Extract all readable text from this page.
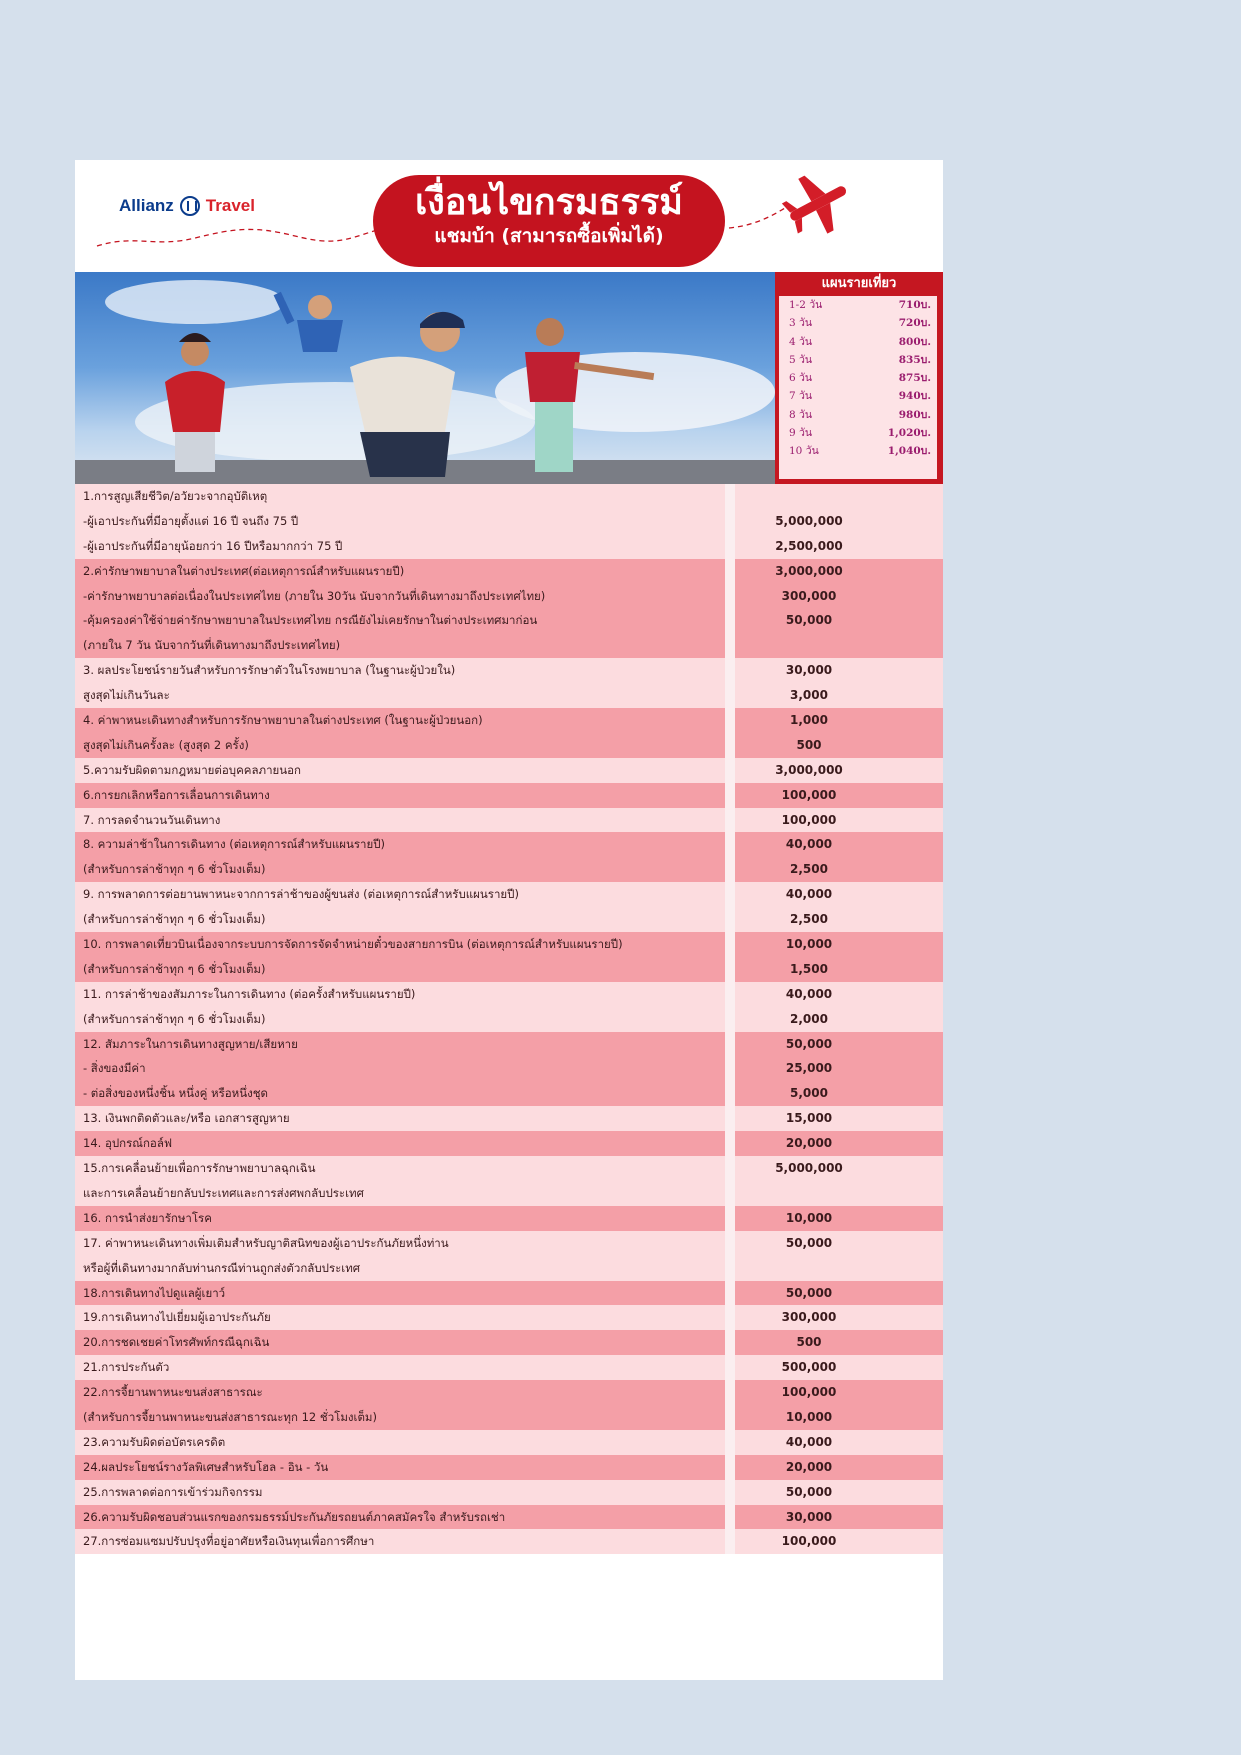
Allianz Travel	เงื่อนไขกรมธรรม์
แชมบ้า (สามารถซื้อเพิ่มได้)
แผนรายเที่ยว
1-2 วัน	710บ.
3 วัน	720บ.
4 วัน	800บ.
5 วัน	835บ.
6 วัน	875บ.
7 วัน	940บ.
8 วัน	980บ.
9 วัน	1,020บ.
10 วัน	1,040บ.
1.การสูญเสียชีวิต/อวัยวะจากอุบัติเหตุ
-ผู้เอาประกันที่มีอายุตั้งแต่ 16 ปี จนถึง 75 ปี	5,000,000
-ผู้เอาประกันที่มีอายุน้อยกว่า 16 ปีหรือมากกว่า 75 ปี	2,500,000
2.ค่ารักษาพยาบาลในต่างประเทศ(ต่อเหตุการณ์สำหรับแผนรายปี)	3,000,000
-ค่ารักษาพยาบาลต่อเนื่องในประเทศไทย (ภายใน 30วัน นับจากวันที่เดินทางมาถึงประเทศไทย)	300,000
-คุ้มครองค่าใช้จ่ายค่ารักษาพยาบาลในประเทศไทย กรณียังไม่เคยรักษาในต่างประเทศมาก่อน	50,000
(ภายใน 7 วัน นับจากวันที่เดินทางมาถึงประเทศไทย)
3. ผลประโยชน์รายวันสำหรับการรักษาตัวในโรงพยาบาล (ในฐานะผู้ป่วยใน)	30,000
สูงสุดไม่เกินวันละ	3,000
4. ค่าพาหนะเดินทางสำหรับการรักษาพยาบาลในต่างประเทศ (ในฐานะผู้ป่วยนอก)	1,000
สูงสุดไม่เกินครั้งละ (สูงสุด 2 ครั้ง)	500
5.ความรับผิดตามกฎหมายต่อบุคคลภายนอก	3,000,000
6.การยกเลิกหรือการเลื่อนการเดินทาง	100,000
7. การลดจำนวนวันเดินทาง	100,000
8. ความล่าช้าในการเดินทาง (ต่อเหตุการณ์สำหรับแผนรายปี)	40,000
(สำหรับการล่าช้าทุก ๆ 6 ชั่วโมงเต็ม)	2,500
9. การพลาดการต่อยานพาหนะจากการล่าช้าของผู้ขนส่ง (ต่อเหตุการณ์สำหรับแผนรายปี)	40,000
(สำหรับการล่าช้าทุก ๆ 6 ชั่วโมงเต็ม)	2,500
10. การพลาดเที่ยวบินเนื่องจากระบบการจัดการจัดจำหน่ายตั๋วของสายการบิน (ต่อเหตุการณ์สำหรับแผนรายปี)	10,000
(สำหรับการล่าช้าทุก ๆ 6 ชั่วโมงเต็ม)	1,500
11. การล่าช้าของสัมภาระในการเดินทาง (ต่อครั้งสำหรับแผนรายปี)	40,000
(สำหรับการล่าช้าทุก ๆ 6 ชั่วโมงเต็ม)	2,000
12. สัมภาระในการเดินทางสูญหาย/เสียหาย	50,000
- สิ่งของมีค่า	25,000
- ต่อสิ่งของหนึ่งชิ้น หนึ่งคู่ หรือหนึ่งชุด	5,000
13. เงินพกติดตัวและ/หรือ เอกสารสูญหาย	15,000
14. อุปกรณ์กอล์ฟ	20,000
15.การเคลื่อนย้ายเพื่อการรักษาพยาบาลฉุกเฉิน	5,000,000
และการเคลื่อนย้ายกลับประเทศและการส่งศพกลับประเทศ
16. การนำส่งยารักษาโรค	10,000
17. ค่าพาหนะเดินทางเพิ่มเติมสำหรับญาติสนิทของผู้เอาประกันภัยหนึ่งท่าน	50,000
หรือผู้ที่เดินทางมากลับท่านกรณีท่านถูกส่งตัวกลับประเทศ
18.การเดินทางไปดูแลผู้เยาว์	50,000
19.การเดินทางไปเยี่ยมผู้เอาประกันภัย	300,000
20.การชดเชยค่าโทรศัพท์กรณีฉุกเฉิน	500
21.การประกันตัว	500,000
22.การจี้ยานพาหนะขนส่งสาธารณะ	100,000
(สำหรับการจี้ยานพาหนะขนส่งสาธารณะทุก 12 ชั่วโมงเต็ม)	10,000
23.ความรับผิดต่อบัตรเครดิต	40,000
24.ผลประโยชน์รางวัลพิเศษสำหรับโฮล - อิน - วัน	20,000
25.การพลาดต่อการเข้าร่วมกิจกรรม	50,000
26.ความรับผิดชอบส่วนแรกของกรมธรรม์ประกันภัยรถยนต์ภาคสมัครใจ สำหรับรถเช่า	30,000
27.การซ่อมแซมปรับปรุงที่อยู่อาศัยหรือเงินทุนเพื่อการศึกษา	100,000
